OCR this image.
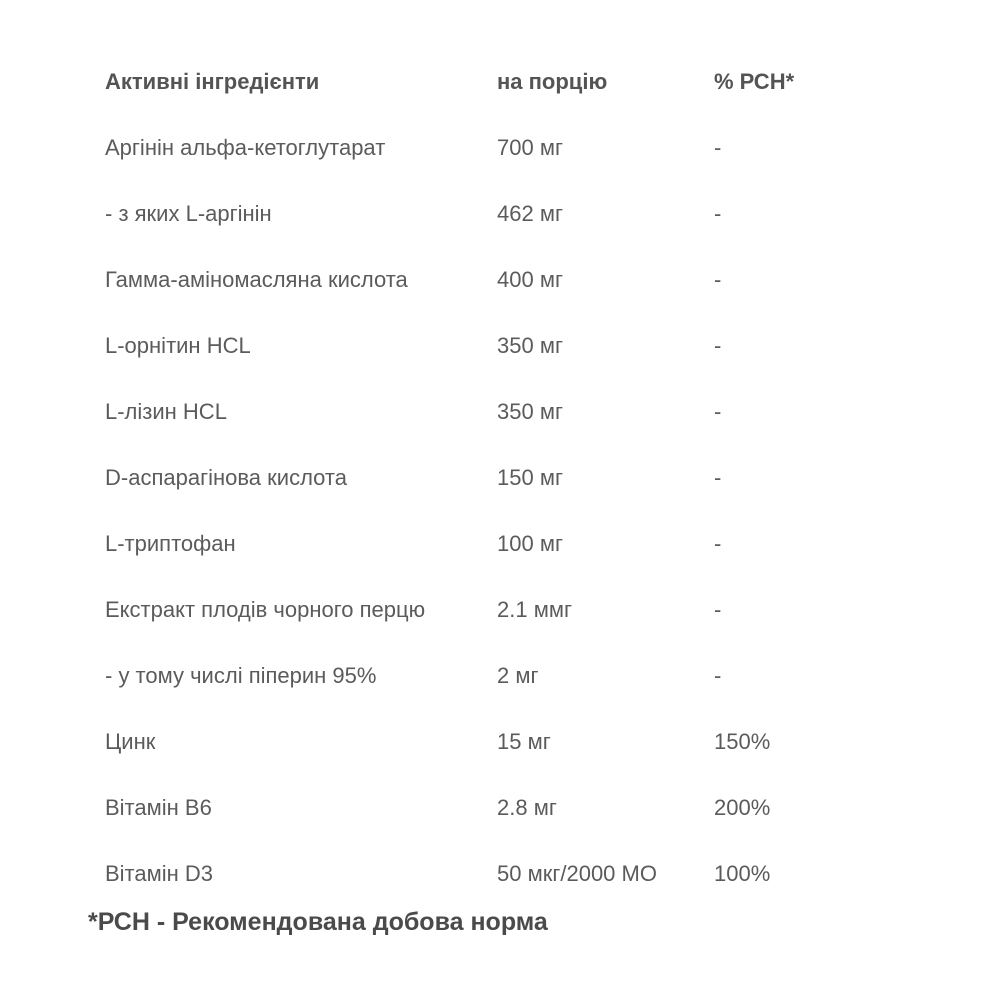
Активні інгредієнти	на порцію	% РСН*
Аргінін альфа-кетоглутарат	700 мг	-
- з яких L-аргінін	462 мг	-
Гамма-аміномасляна кислота	400 мг	-
L-орнітин HCL	350 мг	-
L-лізин HCL	350 мг	-
D-аспарагінова кислота	150 мг	-
L-триптофан	100 мг	-
Екстракт плодів чорного перцю	2.1 ммг	-
- у тому числі піперин 95%	2 мг	-
Цинк	15 мг	150%
Вітамін В6	2.8 мг	200%
Вітамін D3	50 мкг/2000 МО	100%
*РСН - Рекомендована добова норма
